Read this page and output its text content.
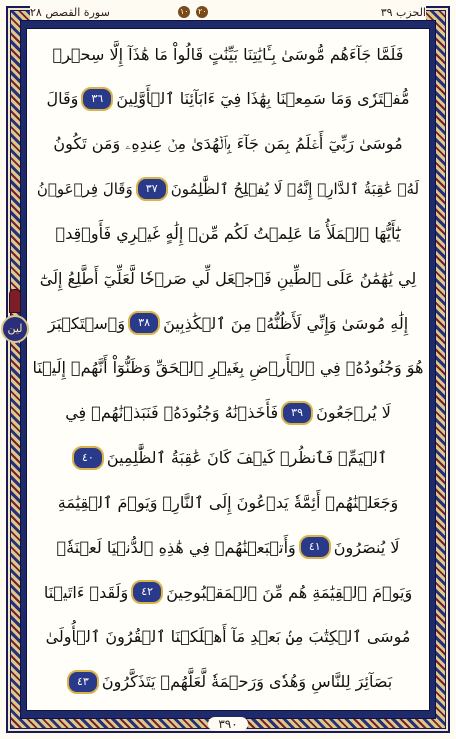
سورة القصص ٢٨	١٠ ٢٠	الحزب ٣٩
لين
فَلَمَّا جَآءَهُم مُّوسَىٰ بِـَٔايَٰتِنَا بَيِّنَٰتٍ قَالُواْ مَا هَٰذَآ إِلَّا سِحۡرٞ
مُّفۡتَرٗى وَمَا سَمِعۡنَا بِهَٰذَا فِيٓ ءَابَآئِنَا ٱلۡأَوَّلِينَ
٣٦
وَقَالَ
مُوسَىٰ رَبِّيٓ أَعۡلَمُ بِمَن جَآءَ بِٱلۡهُدَىٰ مِنۡ عِندِهِۦ وَمَن تَكُونُ
لَهُۥ عَٰقِبَةُ ٱلدَّارِۖ إِنَّهُۥ لَا يُفۡلِحُ ٱلظَّٰلِمُونَ
٣٧
وَقَالَ فِرۡعَوۡنُ
يَٰٓأَيُّهَا ٱلۡمَلَأُ مَا عَلِمۡتُ لَكُم مِّنۡ إِلَٰهٍ غَيۡرِي فَأَوۡقِدۡ
لِي يَٰهَٰمَٰنُ عَلَى ٱلطِّينِ فَٱجۡعَل لِّي صَرۡحٗا لَّعَلِّيٓ أَطَّلِعُ إِلَىٰٓ
إِلَٰهِ مُوسَىٰ وَإِنِّي لَأَظُنُّهُۥ مِنَ ٱلۡكَٰذِبِينَ
٣٨
وَٱسۡتَكۡبَرَ
هُوَ وَجُنُودُهُۥ فِي ٱلۡأَرۡضِ بِغَيۡرِ ٱلۡحَقِّ وَظَنُّوٓاْ أَنَّهُمۡ إِلَيۡنَا
لَا يُرۡجَعُونَ
٣٩
فَأَخَذۡنَٰهُ وَجُنُودَهُۥ فَنَبَذۡنَٰهُمۡ فِي
ٱلۡيَمِّۖ فَٱنظُرۡ كَيۡفَ كَانَ عَٰقِبَةُ ٱلظَّٰلِمِينَ
٤٠
وَجَعَلۡنَٰهُمۡ أَئِمَّةٗ يَدۡعُونَ إِلَى ٱلنَّارِۖ وَيَوۡمَ ٱلۡقِيَٰمَةِ
لَا يُنصَرُونَ
٤١
وَأَتۡبَعۡنَٰهُمۡ فِي هَٰذِهِ ٱلدُّنۡيَا لَعۡنَةٗۖ
وَيَوۡمَ ٱلۡقِيَٰمَةِ هُم مِّنَ ٱلۡمَقۡبُوحِينَ
٤٢
وَلَقَدۡ ءَاتَيۡنَا
مُوسَى ٱلۡكِتَٰبَ مِنۢ بَعۡدِ مَآ أَهۡلَكۡنَا ٱلۡقُرُونَ ٱلۡأُولَىٰ
بَصَآئِرَ لِلنَّاسِ وَهُدٗى وَرَحۡمَةٗ لَّعَلَّهُمۡ يَتَذَكَّرُونَ
٤٣
٣٩٠
